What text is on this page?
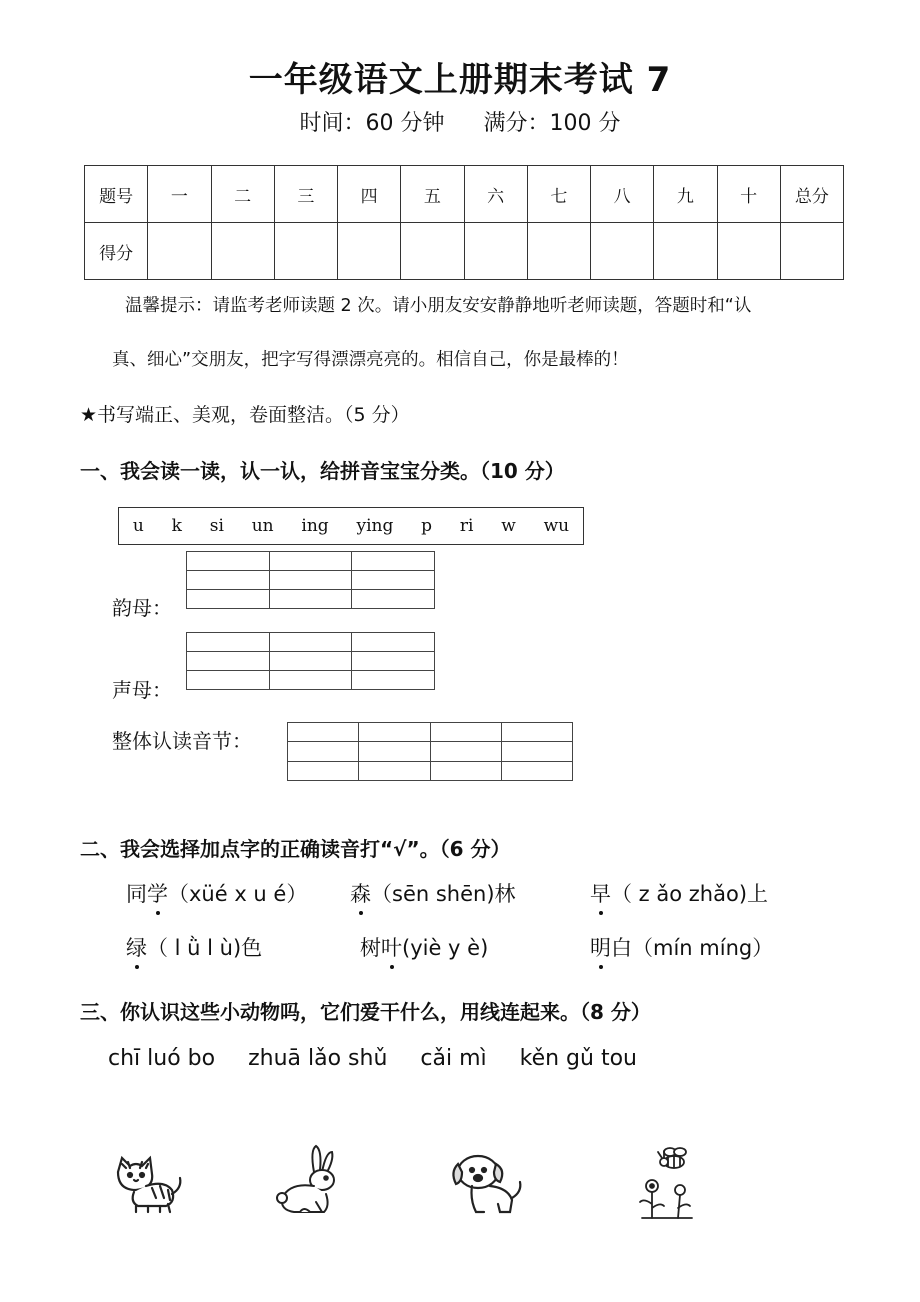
一年级语文上册期末考试 7
时间：60 分钟 满分：100 分
题号	一	二	三	四	五	六	七	八	九	十	总分
得分											
温馨提示：请监考老师读题 2 次。请小朋友安安静静地听老师读题，答题时和“认
真、细心”交朋友，把字写得漂漂亮亮的。相信自己，你是最棒的！
★书写端正、美观，卷面整洁。（5 分）
一、我会读一读，认一认，给拼音宝宝分类。（10 分）
u k si un ing ying p ri w wu
韵母：

声母：

整体认读音节：

二、我会选择加点字的正确读音打“√”。（6 分）
同学（xüé x u é） 森（sēn shēn)林	早（ z ǎo zhǎo)上
绿（ l ǜ l ù)色	树叶(yiè y è)	明白（mín míng）
三、你认识这些小动物吗，它们爱干什么，用线连起来。（8 分）
chī luó bo zhuā lǎo shǔ cǎi mì kěn gǔ tou
